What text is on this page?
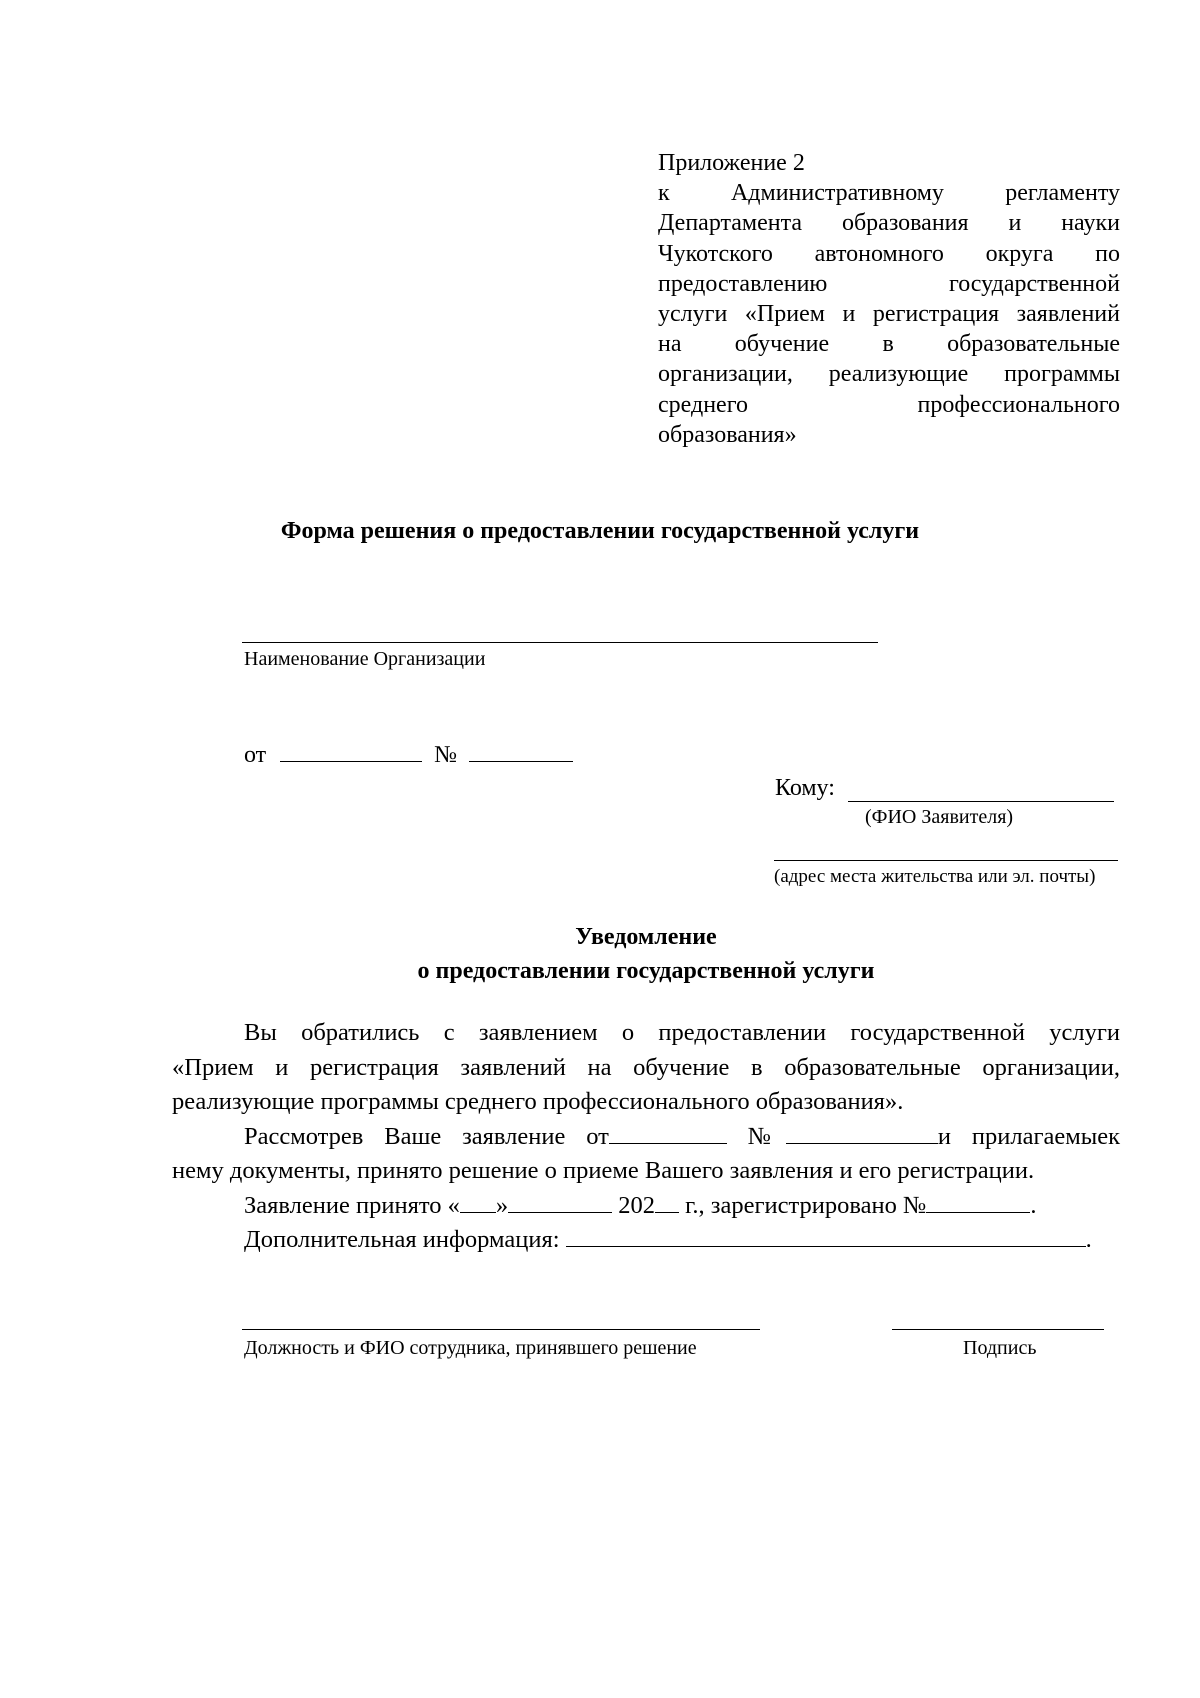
Приложение 2
к Административному регламенту
Департамента образования и науки
Чукотского автономного округа по
предоставлению государственной
услуги «Прием и регистрация заявлений
на обучение в образовательные
организации, реализующие программы
среднего профессионального
образования»
Форма решения о предоставлении государственной услуги
Наименование Организации
от	№
Кому:
(ФИО Заявителя)
(адрес места жительства или эл. почты)
Уведомление
о предоставлении государственной услуги
Вы обратились с заявлением о предоставлении государственной услуги
«Прием и регистрация заявлений на обучение в образовательные организации,
реализующие программы среднего профессионального образования».
Рассмотрев Ваше заявление от	№	и прилагаемыек
нему документы, принято решение о приеме Вашего заявления и его регистрации.
Заявление принято « »	202 г., зарегистрировано №	.
Дополнительная информация:	.
Должность и ФИО сотрудника, принявшего решение	Подпись
